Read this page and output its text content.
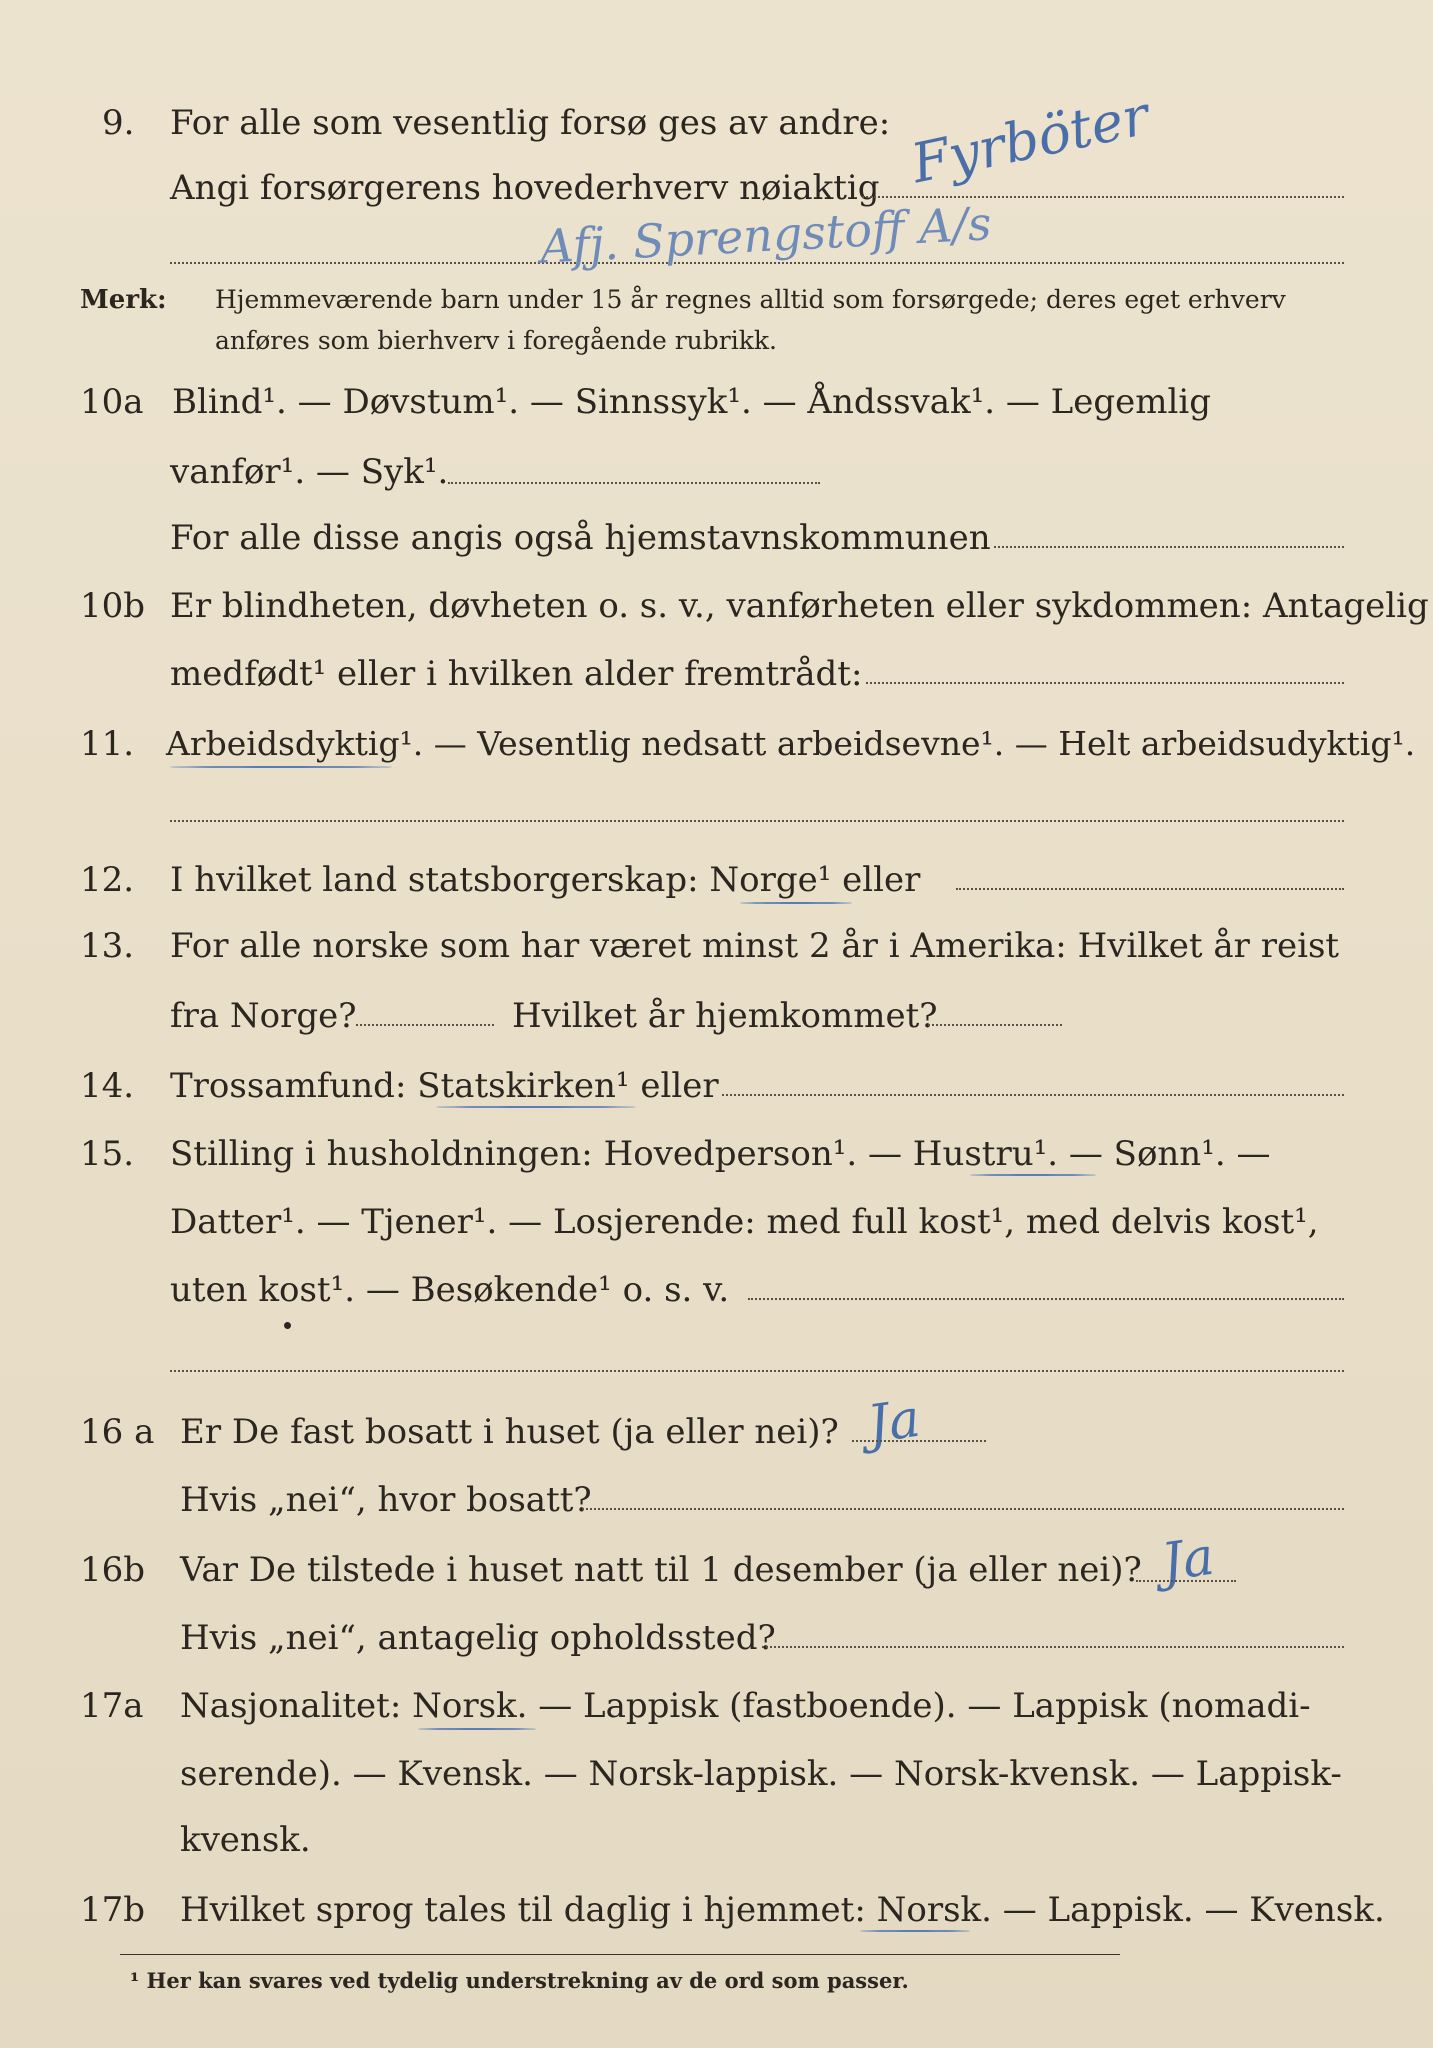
9. For alle som vesentlig forsø ges av andre:
Angi forsørgerens hovederhverv nøiaktig Fyrböter
Afj. Sprengstoff A/s
Merk: Hjemmeværende barn under 15 år regnes alltid som forsørgede; deres eget erhverv
anføres som bierhverv i foregående rubrikk.
10a Blind¹. — Døvstum¹. — Sinnssyk¹. — Åndssvak¹. — Legemlig
vanfør¹. — Syk¹.
For alle disse angis også hjemstavnskommunen
10b Er blindheten, døvheten o. s. v., vanførheten eller sykdommen: Antagelig
medfødt¹ eller i hvilken alder fremtrådt:
11. Arbeidsdyktig¹. — Vesentlig nedsatt arbeidsevne¹. — Helt arbeidsudyktig¹.
12. I hvilket land statsborgerskap: Norge¹ eller
13. For alle norske som har været minst 2 år i Amerika: Hvilket år reist
fra Norge?	Hvilket år hjemkommet?
14. Trossamfund: Statskirken¹ eller
15. Stilling i husholdningen: Hovedperson¹. — Hustru¹. — Sønn¹. —
Datter¹. — Tjener¹. — Losjerende: med full kost¹, med delvis kost¹,
uten kost¹. — Besøkende¹ o. s. v.
16 a Er De fast bosatt i huset (ja eller nei)? Ja
Hvis „nei“, hvor bosatt?
16b Var De tilstede i huset natt til 1 desember (ja eller nei)? Ja
Hvis „nei“, antagelig opholdssted?
17a Nasjonalitet: Norsk. — Lappisk (fastboende). — Lappisk (nomadi-
serende). — Kvensk. — Norsk-lappisk. — Norsk-kvensk. — Lappisk-
kvensk.
17b Hvilket sprog tales til daglig i hjemmet: Norsk. — Lappisk. — Kvensk.
¹ Her kan svares ved tydelig understrekning av de ord som passer.
